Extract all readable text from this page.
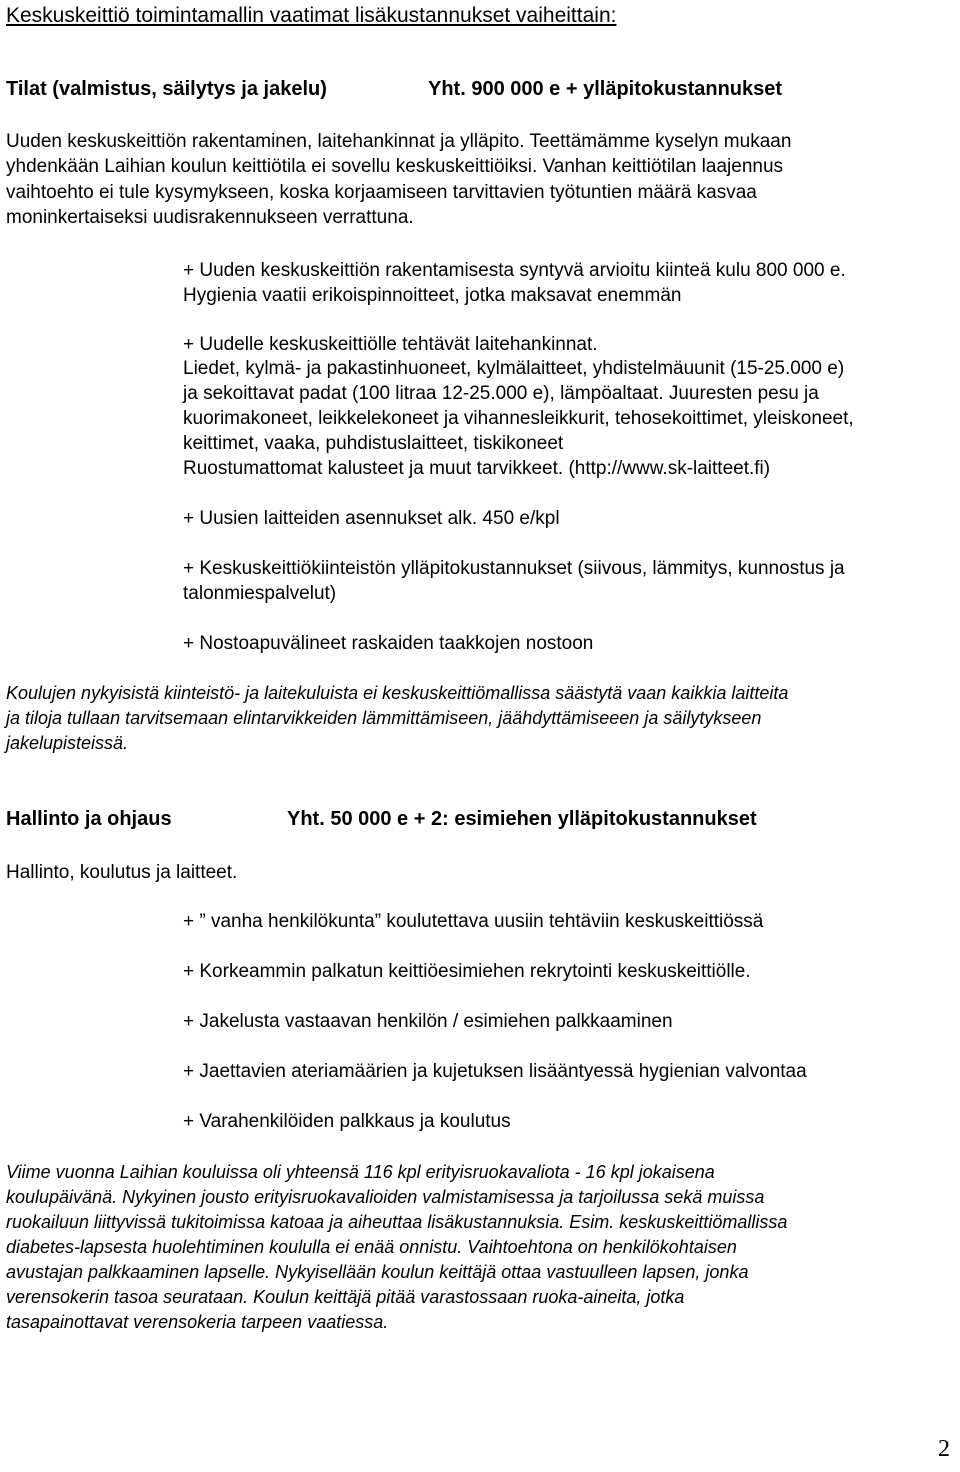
Keskuskeittiö toimintamallin vaatimat lisäkustannukset vaiheittain:
Tilat (valmistus, säilytys ja jakelu)	Yht. 900 000 e + ylläpitokustannukset
Uuden keskuskeittiön rakentaminen, laitehankinnat ja ylläpito. Teettämämme kyselyn mukaan
yhdenkään Laihian koulun keittiötila ei sovellu keskuskeittiöiksi. Vanhan keittiötilan laajennus
vaihtoehto ei tule kysymykseen, koska korjaamiseen tarvittavien työtuntien määrä kasvaa
moninkertaiseksi uudisrakennukseen verrattuna.
+ Uuden keskuskeittiön rakentamisesta syntyvä arvioitu kiinteä kulu 800 000 e.
Hygienia vaatii erikoispinnoitteet, jotka maksavat enemmän
+ Uudelle keskuskeittiölle tehtävät laitehankinnat.
Liedet, kylmä- ja pakastinhuoneet, kylmälaitteet, yhdistelmäuunit (15-25.000 e)
ja sekoittavat padat (100 litraa 12-25.000 e), lämpöaltaat. Juuresten pesu ja
kuorimakoneet, leikkelekoneet ja vihannesleikkurit, tehosekoittimet, yleiskoneet,
keittimet, vaaka, puhdistuslaitteet, tiskikoneet
Ruostumattomat kalusteet ja muut tarvikkeet. (http://www.sk-laitteet.fi)
+ Uusien laitteiden asennukset alk. 450 e/kpl
+ Keskuskeittiökiinteistön ylläpitokustannukset (siivous, lämmitys, kunnostus ja
talonmiespalvelut)
+ Nostoapuvälineet raskaiden taakkojen nostoon
Koulujen nykyisistä kiinteistö- ja laitekuluista ei keskuskeittiömallissa säästytä vaan kaikkia laitteita
ja tiloja tullaan tarvitsemaan elintarvikkeiden lämmittämiseen, jäähdyttämiseeen ja säilytykseen
jakelupisteissä.
Hallinto ja ohjaus	Yht. 50 000 e + 2: esimiehen ylläpitokustannukset
Hallinto, koulutus ja laitteet.
+ ” vanha henkilökunta” koulutettava uusiin tehtäviin keskuskeittiössä
+ Korkeammin palkatun keittiöesimiehen rekrytointi keskuskeittiölle.
+ Jakelusta vastaavan henkilön / esimiehen palkkaaminen
+ Jaettavien ateriamäärien ja kujetuksen lisääntyessä hygienian valvontaa
+ Varahenkilöiden palkkaus ja koulutus
Viime vuonna Laihian kouluissa oli yhteensä 116 kpl erityisruokavaliota - 16 kpl jokaisena
koulupäivänä. Nykyinen jousto erityisruokavalioiden valmistamisessa ja tarjoilussa sekä muissa
ruokailuun liittyvissä tukitoimissa katoaa ja aiheuttaa lisäkustannuksia. Esim. keskuskeittiömallissa
diabetes-lapsesta huolehtiminen koululla ei enää onnistu. Vaihtoehtona on henkilökohtaisen
avustajan palkkaaminen lapselle. Nykyisellään koulun keittäjä ottaa vastuulleen lapsen, jonka
verensokerin tasoa seurataan. Koulun keittäjä pitää varastossaan ruoka-aineita, jotka
tasapainottavat verensokeria tarpeen vaatiessa.
2
